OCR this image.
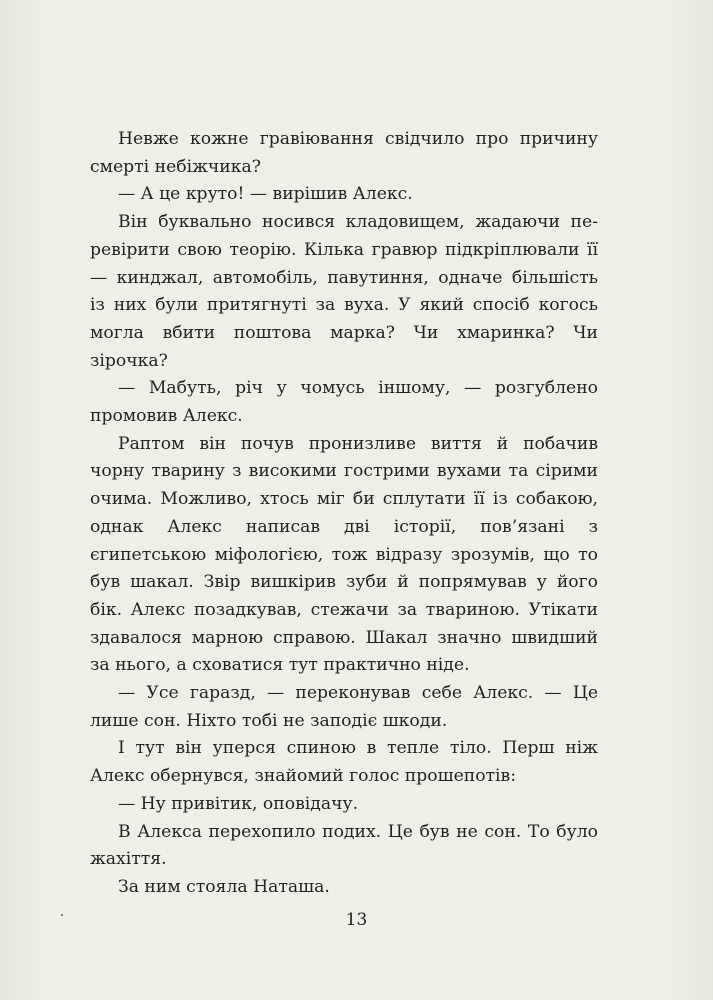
Невже кожне гравіювання свідчило про причину смерті небіжчика?

— А це круто! — вирішив Алекс.

Він буквально носився кладовищем, жадаючи перевірити свою теорію. Кілька гравюр підкріплювали її — кинджал, автомобіль, павутиння, одначе більшість із них були притягнуті за вуха. У який спосіб когось могла вбити поштова марка? Чи хмаринка? Чи зірочка?

— Мабуть, річ у чомусь іншому, — розгублено промовив Алекс.

Раптом він почув пронизливе виття й побачив чорну тварину з високими гострими вухами та сірими очима. Можливо, хтось міг би сплутати її із собакою, однак Алекс написав дві історії, пов’язані з єгипетською міфологією, тож відразу зрозумів, що то був шакал. Звір вишкірив зуби й попрямував у його бік. Алекс позадкував, стежачи за твариною. Утікати здавалося марною справою. Шакал значно швидший за нього, а сховатися тут практично ніде.

— Усе гаразд, — переконував себе Алекс. — Це лише сон. Ніхто тобі не заподіє шкоди.

І тут він уперся спиною в тепле тіло. Перш ніж Алекс обернувся, знайомий голос прошепотів:

— Ну привітик, оповідачу.

В Алекса перехопило подих. Це був не сон. То було жахіття.

За ним стояла Наташа.

13
